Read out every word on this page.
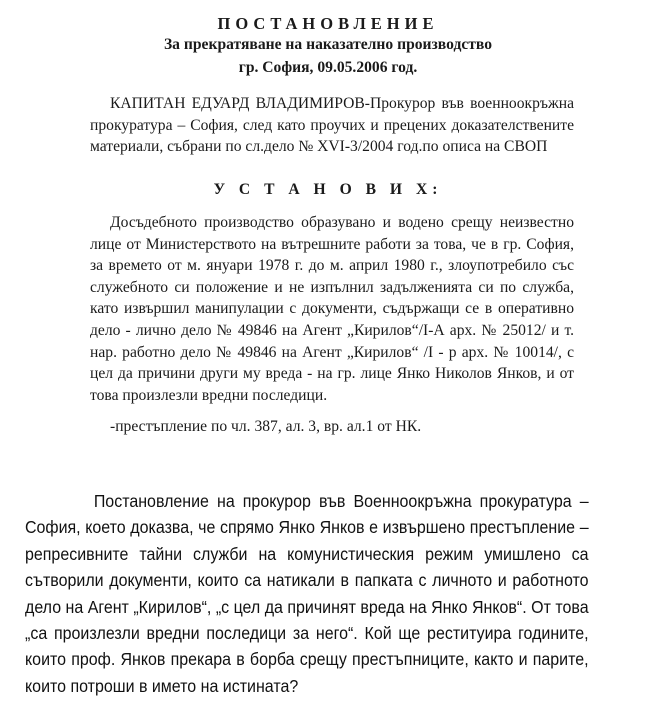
ПОСТАНОВЛЕНИЕ
За прекратяване на наказателно производство
гр. София, 09.05.2006 год.
КАПИТАН ЕДУАРД ВЛАДИМИРОВ-Прокурор във военноокръжна прокуратура – София, след като проучих и прецених доказателствените материали, събрани по сл.дело № XVI-3/2004 год.по описа на СВОП
У С Т А Н О В И Х:
Досъдебното производство образувано и водено срещу неизвестно лице от Министерството на вътрешните работи за това, че в гр. София, за времето от м. януари 1978 г. до м. април 1980 г., злоупотребило със служебното си положение и не изпълнил задълженията си по служба, като извършил манипулации с документи, съдържащи се в оперативно дело - лично дело № 49846 на Агент „Кирилов“/І-А арх. № 25012/ и т. нар. работно дело № 49846 на Агент „Кирилов“ /І - р арх. № 10014/, с цел да причини други му вреда - на гр. лице Янко Николов Янков, и от това произлезли вредни последици.
-престъпление по чл. 387, ал. 3, вр. ал.1 от НК.
Постановление на прокурор във Военноокръжна прокуратура – София, което доказва, че спрямо Янко Янков е извършено престъпление – репресивните тайни служби на комунистическия режим умишлено са сътворили документи, които са натикали в папката с личното и работното дело на Агент „Кирилов“, „с цел да причинят вреда на Янко Янков“. От това „са произлезли вредни последици за него“. Кой ще реституира годините, които проф. Янков прекара в борба срещу престъпниците, както и парите, които потроши в името на истината?
